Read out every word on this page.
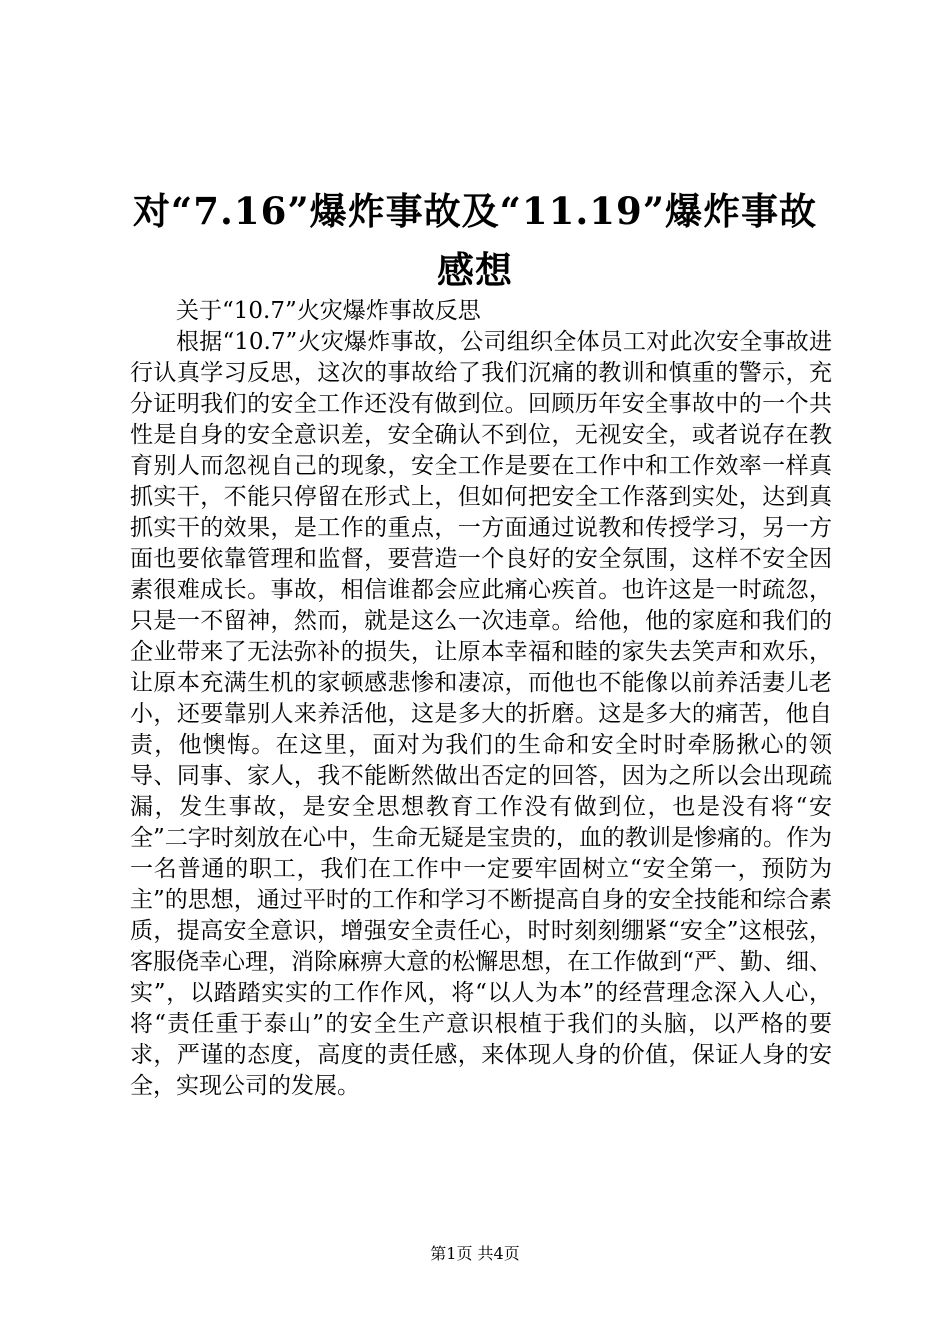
对“7.16”爆炸事故及“11.19”爆炸事故感想

关于“10.7”火灾爆炸事故反思

根据“10.7”火灾爆炸事故，公司组织全体员工对此次安全事故进行认真学习反思，这次的事故给了我们沉痛的教训和慎重的警示，充分证明我们的安全工作还没有做到位。回顾历年安全事故中的一个共性是自身的安全意识差，安全确认不到位，无视安全，或者说存在教育别人而忽视自己的现象，安全工作是要在工作中和工作效率一样真抓实干，不能只停留在形式上，但如何把安全工作落到实处，达到真抓实干的效果，是工作的重点，一方面通过说教和传授学习，另一方面也要依靠管理和监督，要营造一个良好的安全氛围，这样不安全因素很难成长。事故，相信谁都会应此痛心疾首。也许这是一时疏忽，只是一不留神，然而，就是这么一次违章。给他，他的家庭和我们的企业带来了无法弥补的损失，让原本幸福和睦的家失去笑声和欢乐，让原本充满生机的家顿感悲惨和凄凉，而他也不能像以前养活妻儿老小，还要靠别人来养活他，这是多大的折磨。这是多大的痛苦，他自责，他懊悔。在这里，面对为我们的生命和安全时时牵肠揪心的领导、同事、家人，我不能断然做出否定的回答，因为之所以会出现疏漏，发生事故，是安全思想教育工作没有做到位，也是没有将“安全”二字时刻放在心中，生命无疑是宝贵的，血的教训是惨痛的。作为一名普通的职工，我们在工作中一定要牢固树立“安全第一，预防为主”的思想，通过平时的工作和学习不断提高自身的安全技能和综合素质，提高安全意识，增强安全责任心，时时刻刻绷紧“安全”这根弦，客服侥幸心理，消除麻痹大意的松懈思想，在工作做到“严、勤、细、实”，以踏踏实实的工作作风，将“以人为本”的经营理念深入人心，将“责任重于泰山”的安全生产意识根植于我们的头脑，以严格的要求，严谨的态度，高度的责任感，来体现人身的价值，保证人身的安全，实现公司的发展。

第1页 共4页
